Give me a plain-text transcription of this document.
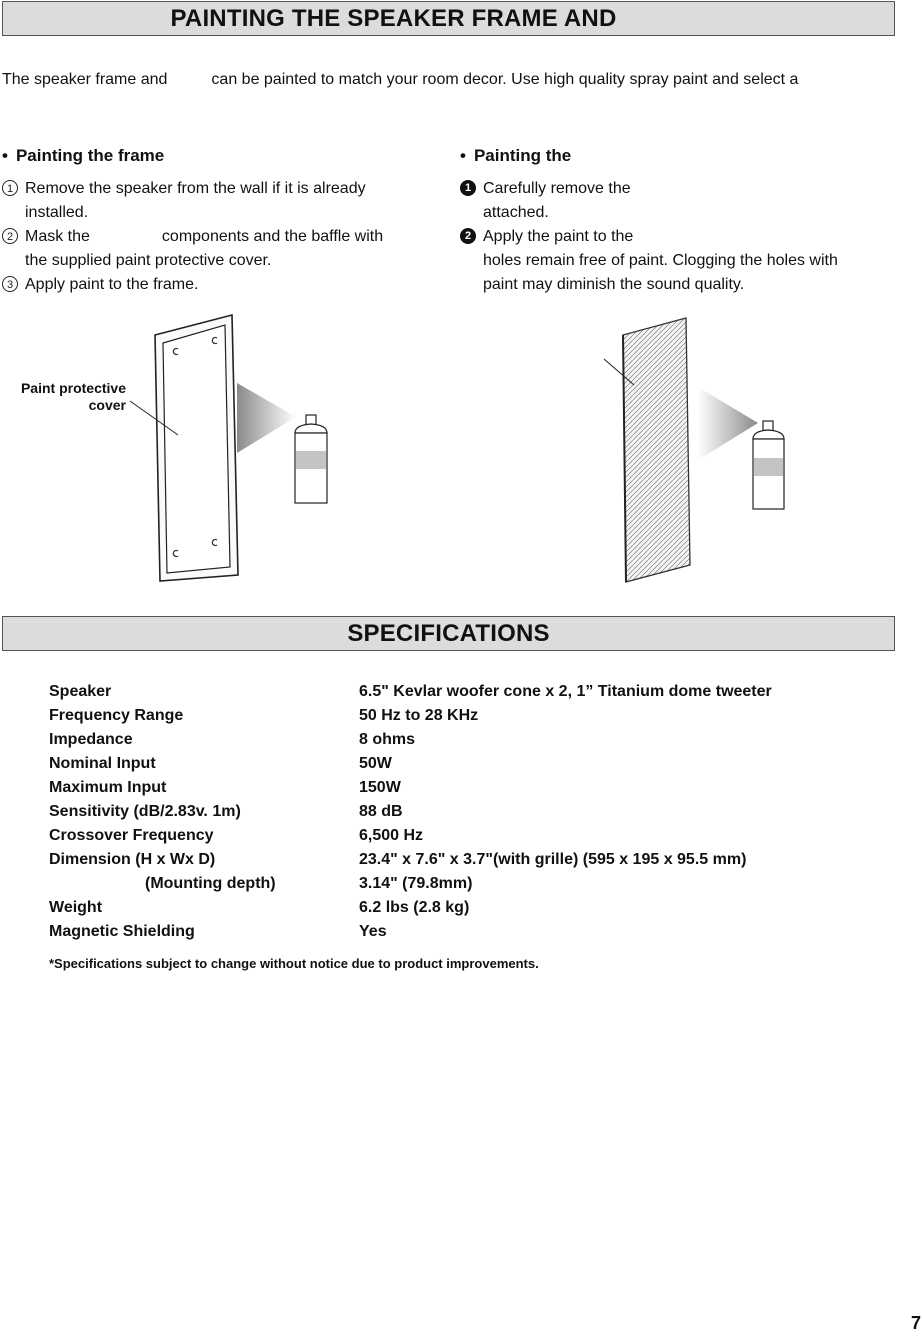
PAINTING THE SPEAKER FRAME AND
The speaker frame and	can be painted to match your room decor. Use high quality spray paint and select a
• Painting the frame
1 Remove the speaker from the wall if it is already
installed.
2 Mask the	components and the baffle with
the supplied paint protective cover.
3 Apply paint to the frame.
• Painting the
1 Carefully remove the
attached.
2 Apply the paint to the
holes remain free of paint. Clogging the holes with
paint may diminish the sound quality.
Paint protective
cover
SPECIFICATIONS
Speaker	6.5" Kevlar woofer cone x 2, 1” Titanium dome tweeter
Frequency Range	50 Hz to 28 KHz
Impedance	8 ohms
Nominal Input	50W
Maximum Input	150W
Sensitivity (dB/2.83v. 1m)	88 dB
Crossover Frequency	6,500 Hz
Dimension (H x Wx D)	23.4" x 7.6" x 3.7"(with grille) (595 x 195 x 95.5 mm)
(Mounting depth)	3.14" (79.8mm)
Weight	6.2 lbs (2.8 kg)
Magnetic Shielding	Yes
*Specifications subject to change without notice due to product improvements.
7
